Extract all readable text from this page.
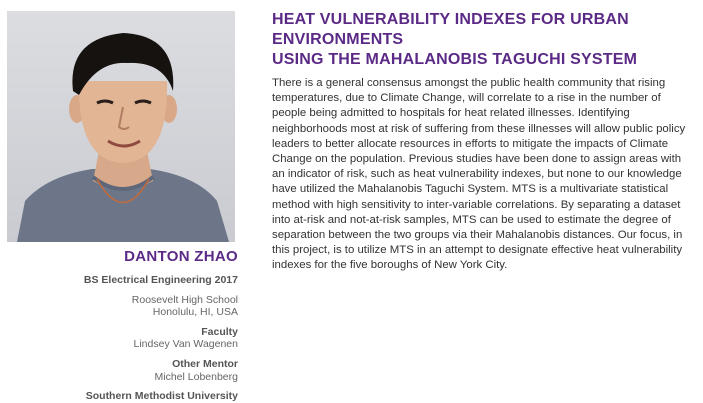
DANTON ZHAO
BS Electrical Engineering 2017
Roosevelt High School
Honolulu, HI, USA
Faculty
Lindsey Van Wagenen
Other Mentor
Michel Lobenberg
Southern Methodist University
HEAT VULNERABILITY INDEXES FOR URBAN ENVIRONMENTS
USING THE MAHALANOBIS TAGUCHI SYSTEM

There is a general consensus amongst the public health community that rising temperatures, due to Climate Change, will correlate to a rise in the number of people being admitted to hospitals for heat related illnesses. Identifying neighborhoods most at risk of suffering from these illnesses will allow public policy leaders to better allocate resources in efforts to mitigate the impacts of Climate Change on the population. Previous studies have been done to assign areas with an indicator of risk, such as heat vulnerability indexes, but none to our knowledge have utilized the Mahalanobis Taguchi System. MTS is a multivariate statistical method with high sensitivity to inter-variable correlations. By separating a dataset into at-risk and not-at-risk samples, MTS can be used to estimate the degree of separation between the two groups via their Mahalanobis distances. Our focus, in this project, is to utilize MTS in an attempt to designate effective heat vulnerability indexes for the five boroughs of New York City.
